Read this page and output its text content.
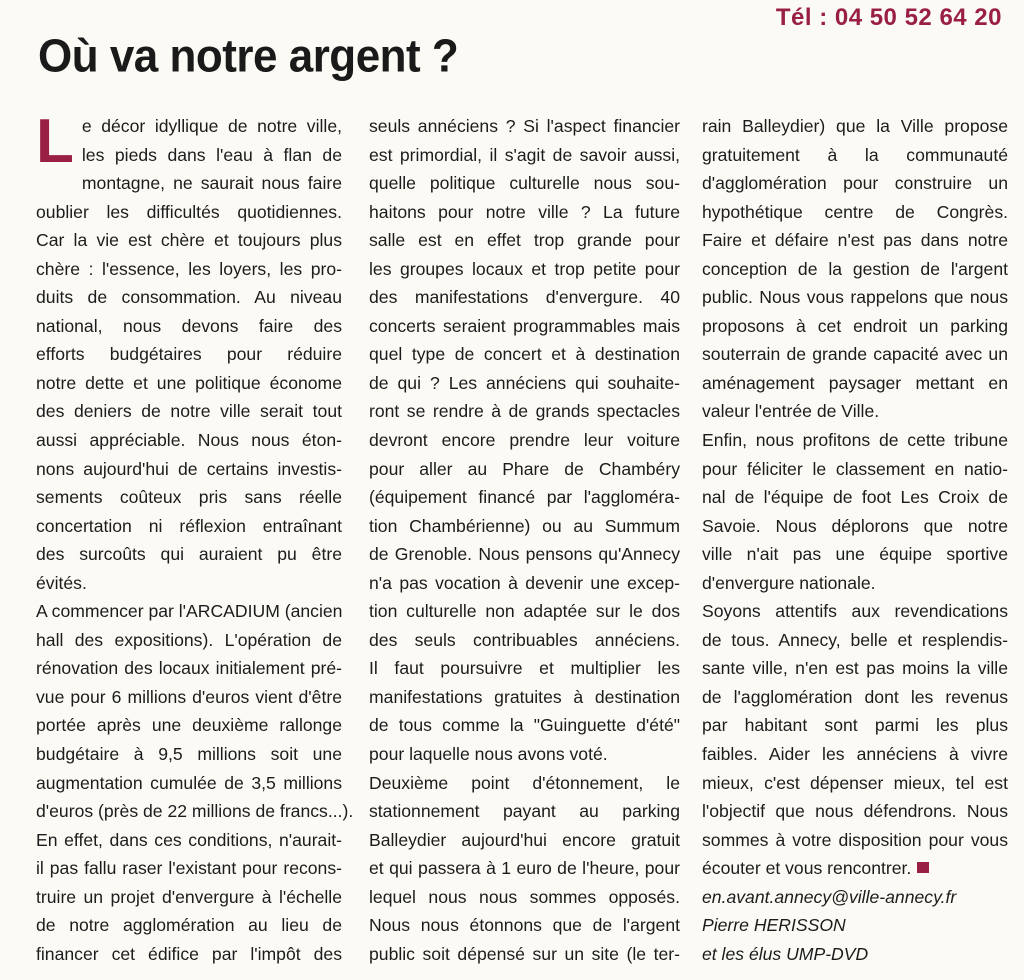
Tél : 04 50 52 64 20
Où va notre argent ?
L e décor idyllique de notre ville,
les pieds dans l'eau à flan de
montagne, ne saurait nous faire
oublier les difficultés quotidiennes.
Car la vie est chère et toujours plus
chère : l'essence, les loyers, les pro-
duits de consommation. Au niveau
national, nous devons faire des
efforts budgétaires pour réduire
notre dette et une politique économe
des deniers de notre ville serait tout
aussi appréciable. Nous nous éton-
nons aujourd'hui de certains investis-
sements coûteux pris sans réelle
concertation ni réflexion entraînant
des surcoûts qui auraient pu être
évités.
A commencer par l'ARCADIUM (ancien
hall des expositions). L'opération de
rénovation des locaux initialement pré-
vue pour 6 millions d'euros vient d'être
portée après une deuxième rallonge
budgétaire à 9,5 millions soit une
augmentation cumulée de 3,5 millions
d'euros (près de 22 millions de francs...).
En effet, dans ces conditions, n'aurait-
il pas fallu raser l'existant pour recons-
truire un projet d'envergure à l'échelle
de notre agglomération au lieu de
financer cet édifice par l'impôt des
seuls annéciens ? Si l'aspect financier
est primordial, il s'agit de savoir aussi,
quelle politique culturelle nous sou-
haitons pour notre ville ? La future
salle est en effet trop grande pour
les groupes locaux et trop petite pour
des manifestations d'envergure. 40
concerts seraient programmables mais
quel type de concert et à destination
de qui ? Les annéciens qui souhaite-
ront se rendre à de grands spectacles
devront encore prendre leur voiture
pour aller au Phare de Chambéry
(équipement financé par l'aggloméra-
tion Chambérienne) ou au Summum
de Grenoble. Nous pensons qu'Annecy
n'a pas vocation à devenir une excep-
tion culturelle non adaptée sur le dos
des seuls contribuables annéciens.
Il faut poursuivre et multiplier les
manifestations gratuites à destination
de tous comme la "Guinguette d'été"
pour laquelle nous avons voté.
Deuxième point d'étonnement, le
stationnement payant au parking
Balleydier aujourd'hui encore gratuit
et qui passera à 1 euro de l'heure, pour
lequel nous nous sommes opposés.
Nous nous étonnons que de l'argent
public soit dépensé sur un site (le ter-
rain Balleydier) que la Ville propose
gratuitement à la communauté
d'agglomération pour construire un
hypothétique centre de Congrès.
Faire et défaire n'est pas dans notre
conception de la gestion de l'argent
public. Nous vous rappelons que nous
proposons à cet endroit un parking
souterrain de grande capacité avec un
aménagement paysager mettant en
valeur l'entrée de Ville.
Enfin, nous profitons de cette tribune
pour féliciter le classement en natio-
nal de l'équipe de foot Les Croix de
Savoie. Nous déplorons que notre
ville n'ait pas une équipe sportive
d'envergure nationale.
Soyons attentifs aux revendications
de tous. Annecy, belle et resplendis-
sante ville, n'en est pas moins la ville
de l'agglomération dont les revenus
par habitant sont parmi les plus
faibles. Aider les annéciens à vivre
mieux, c'est dépenser mieux, tel est
l'objectif que nous défendrons. Nous
sommes à votre disposition pour vous
écouter et vous rencontrer.
en.avant.annecy@ville-annecy.fr
Pierre HERISSON
et les élus UMP-DVD
